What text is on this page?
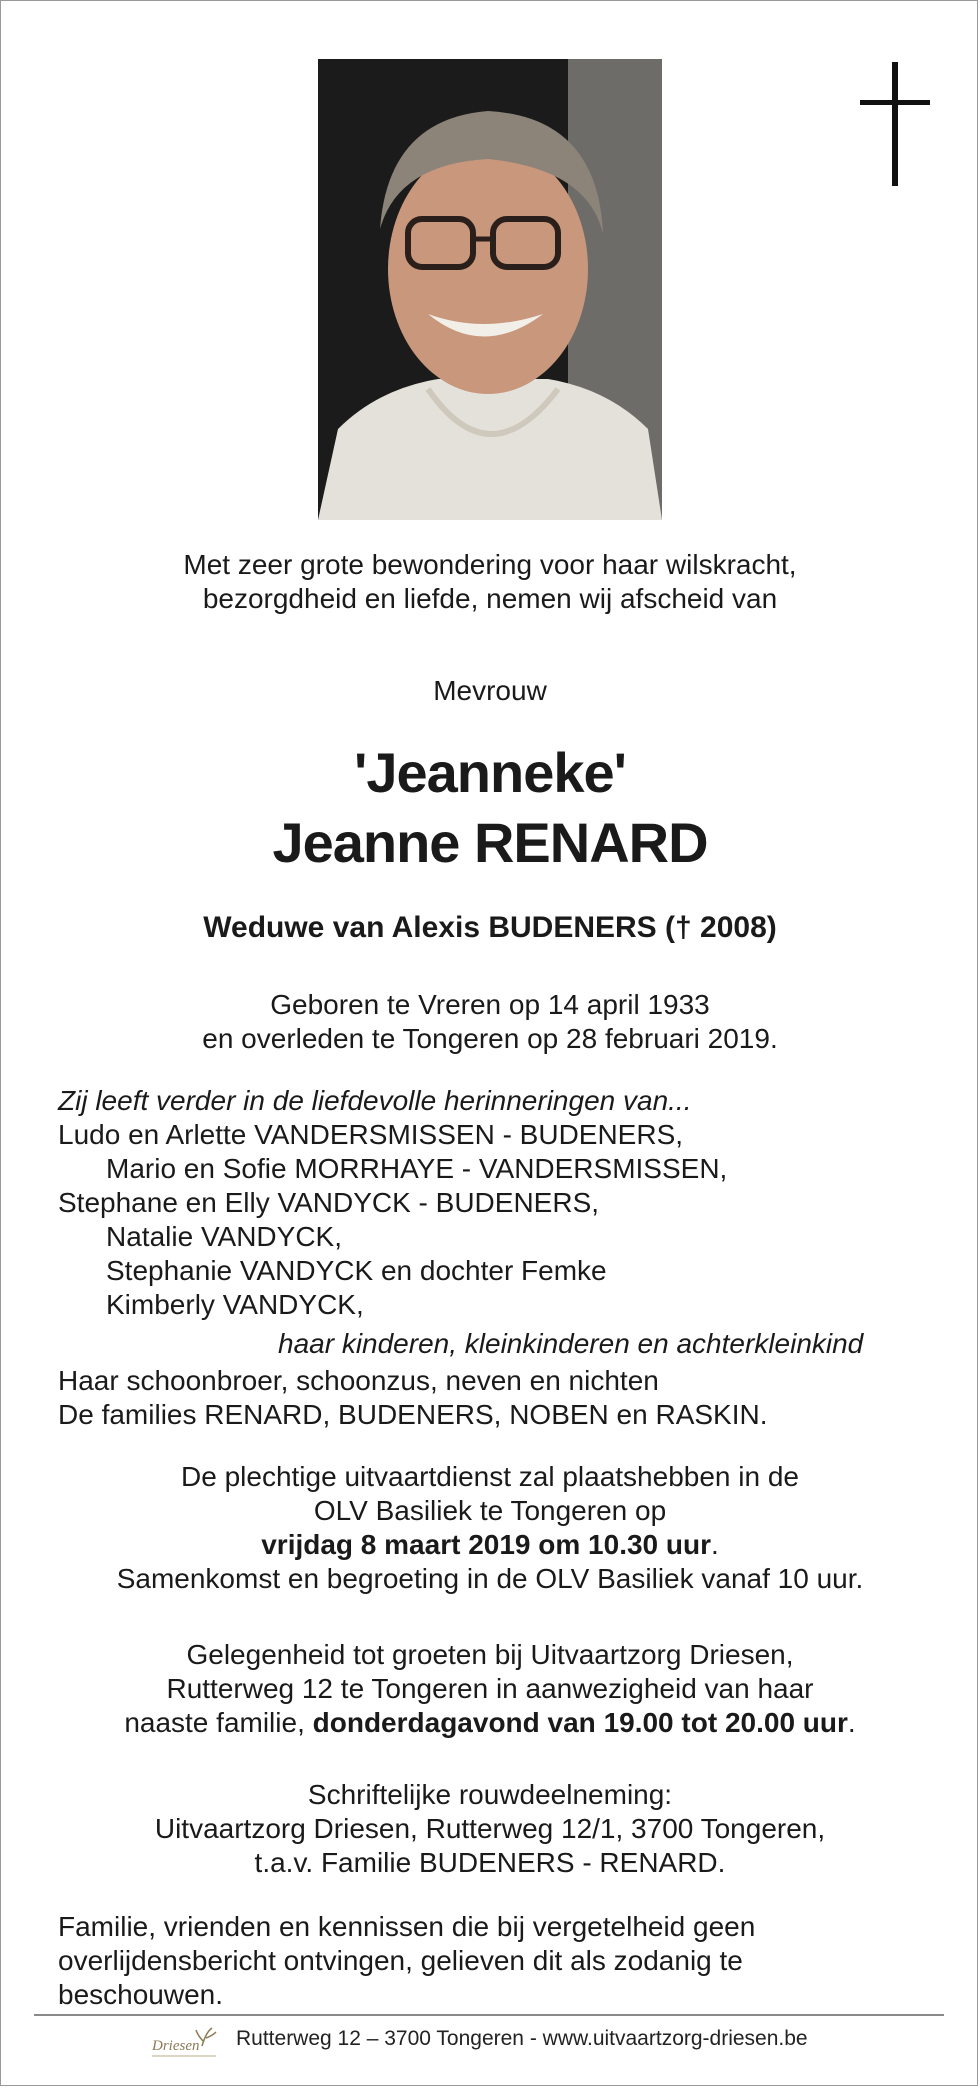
Met zeer grote bewondering voor haar wilskracht,
bezorgdheid en liefde, nemen wij afscheid van
Mevrouw
'Jeanneke'
Jeanne RENARD
Weduwe van Alexis BUDENERS († 2008)
Geboren te Vreren op 14 april 1933
en overleden te Tongeren op 28 februari 2019.
Zij leeft verder in de liefdevolle herinneringen van...
Ludo en Arlette VANDERSMISSEN - BUDENERS,
Mario en Sofie MORRHAYE - VANDERSMISSEN,
Stephane en Elly VANDYCK - BUDENERS,
Natalie VANDYCK,
Stephanie VANDYCK en dochter Femke
Kimberly VANDYCK,
haar kinderen, kleinkinderen en achterkleinkind
Haar schoonbroer, schoonzus, neven en nichten
De families RENARD, BUDENERS, NOBEN en RASKIN.
De plechtige uitvaartdienst zal plaatshebben in de
OLV Basiliek te Tongeren op
vrijdag 8 maart 2019 om 10.30 uur.
Samenkomst en begroeting in de OLV Basiliek vanaf 10 uur.
Gelegenheid tot groeten bij Uitvaartzorg Driesen,
Rutterweg 12 te Tongeren in aanwezigheid van haar
naaste familie, donderdagavond van 19.00 tot 20.00 uur.
Schriftelijke rouwdeelneming:
Uitvaartzorg Driesen, Rutterweg 12/1, 3700 Tongeren,
t.a.v. Familie BUDENERS - RENARD.
Familie, vrienden en kennissen die bij vergetelheid geen overlijdensbericht ontvingen, gelieven dit als zodanig te beschouwen.
Driesen Rutterweg 12 – 3700 Tongeren - www.uitvaartzorg-driesen.be
